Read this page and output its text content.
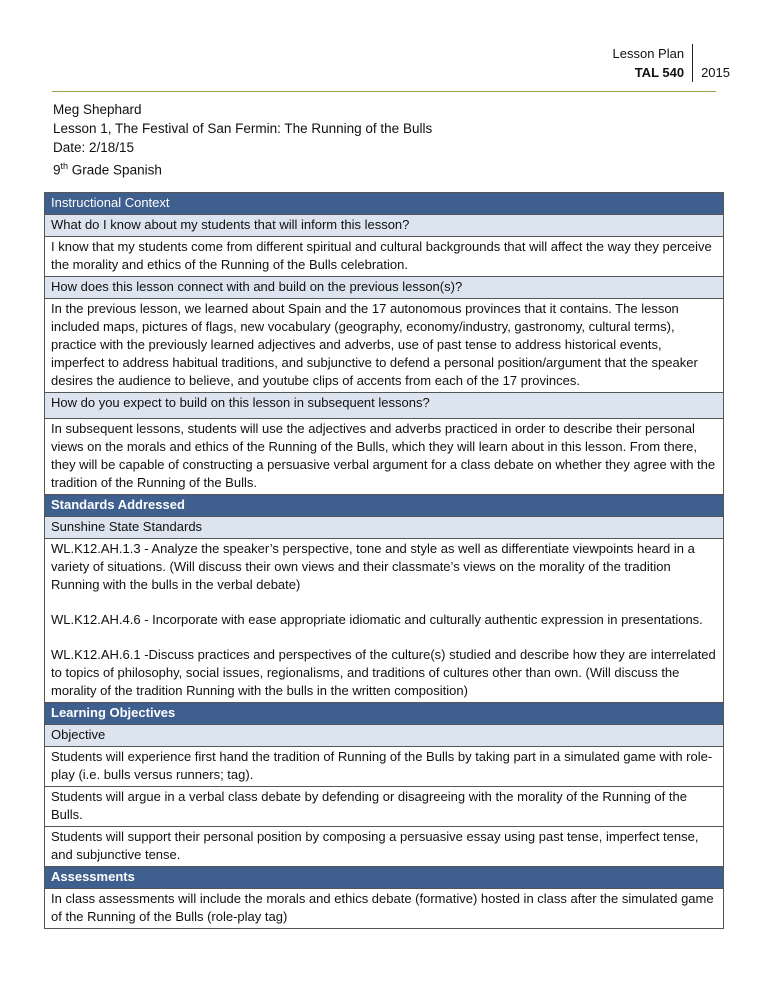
Lesson Plan
TAL 540	2015
Meg Shephard
Lesson 1, The Festival of San Fermin: The Running of the Bulls
Date: 2/18/15
9th Grade Spanish
Instructional Context
What do I know about my students that will inform this lesson?
I know that my students come from different spiritual and cultural backgrounds that will affect the way they perceive the morality and ethics of the Running of the Bulls celebration.
How does this lesson connect with and build on the previous lesson(s)?
In the previous lesson, we learned about Spain and the 17 autonomous provinces that it contains. The lesson included maps, pictures of flags, new vocabulary (geography, economy/industry, gastronomy, cultural terms), practice with the previously learned adjectives and adverbs, use of past tense to address historical events, imperfect to address habitual traditions, and subjunctive to defend a personal position/argument that the speaker desires the audience to believe, and youtube clips of accents from each of the 17 provinces.
How do you expect to build on this lesson in subsequent lessons?
In subsequent lessons, students will use the adjectives and adverbs practiced in order to describe their personal views on the morals and ethics of the Running of the Bulls, which they will learn about in this lesson. From there, they will be capable of constructing a persuasive verbal argument for a class debate on whether they agree with the tradition of the Running of the Bulls.
Standards Addressed
Sunshine State Standards

WL.K12.AH.1.3 - Analyze the speaker’s perspective, tone and style as well as differentiate viewpoints heard in a variety of situations. (Will discuss their own views and their classmate’s views on the morality of the tradition Running with the bulls in the verbal debate)
WL.K12.AH.4.6 - Incorporate with ease appropriate idiomatic and culturally authentic expression in presentations.
WL.K12.AH.6.1 -Discuss practices and perspectives of the culture(s) studied and describe how they are interrelated to topics of philosophy, social issues, regionalisms, and traditions of cultures other than own. (Will discuss the morality of the tradition Running with the bulls in the written composition)

Learning Objectives
Objective
Students will experience first hand the tradition of Running of the Bulls by taking part in a simulated game with role-play (i.e. bulls versus runners; tag).
Students will argue in a verbal class debate by defending or disagreeing with the morality of the Running of the Bulls.
Students will support their personal position by composing a persuasive essay using past tense, imperfect tense, and subjunctive tense.
Assessments
In class assessments will include the morals and ethics debate (formative) hosted in class after the simulated game of the Running of the Bulls (role-play tag)
